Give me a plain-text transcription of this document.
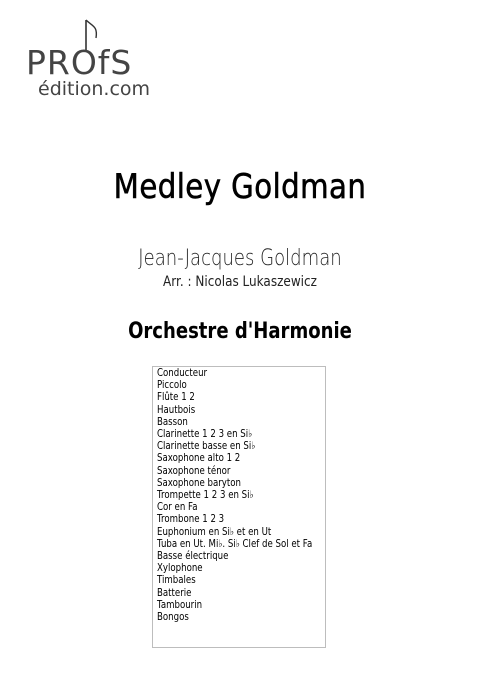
PROfS
édition.com
Medley Goldman
Jean-Jacques Goldman
Arr. : Nicolas Lukaszewicz
Orchestre d'Harmonie
Conducteur
Piccolo
Flûte 1 2
Hautbois
Basson
Clarinette 1 2 3 en Si♭
Clarinette basse en Si♭
Saxophone alto 1 2
Saxophone ténor
Saxophone baryton
Trompette 1 2 3 en Si♭
Cor en Fa
Trombone 1 2 3
Euphonium en Si♭ et en Ut
Tuba en Ut. Mi♭. Si♭ Clef de Sol et Fa
Basse électrique
Xylophone
Timbales
Batterie
Tambourin
Bongos
